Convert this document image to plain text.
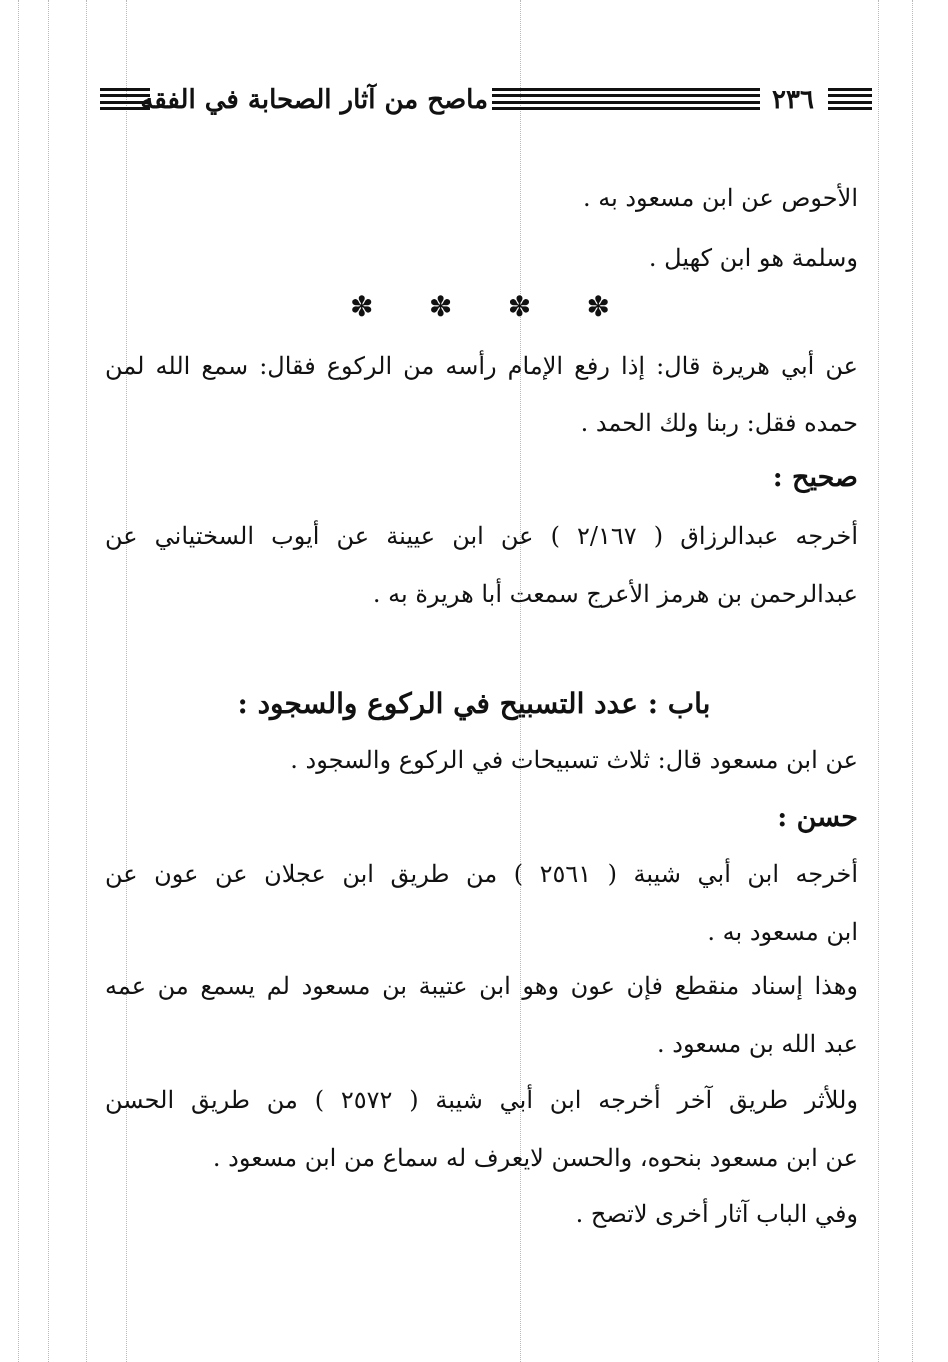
ماصح من آثار الصحابة في الفقه	٢٣٦
الأحوص عن ابن مسعود به .
وسلمة هو ابن كهيل .
✽ ✽ ✽ ✽
عن أبي هريرة قال: إذا رفع الإمام رأسه من الركوع فقال: سمع الله لمن
حمده فقل: ربنا ولك الحمد .
صحيح :
أخرجه عبدالرزاق ( ٢/١٦٧ ) عن ابن عيينة عن أيوب السختياني عن
عبدالرحمن بن هرمز الأعرج سمعت أبا هريرة به .
باب : عدد التسبيح في الركوع والسجود :
عن ابن مسعود قال: ثلاث تسبيحات في الركوع والسجود .
حسن :
أخرجه ابن أبي شيبة ( ٢٥٦١ ) من طريق ابن عجلان عن عون عن
ابن مسعود به .
وهذا إسناد منقطع فإن عون وهو ابن عتيبة بن مسعود لم يسمع من عمه
عبد الله بن مسعود .
وللأثر طريق آخر أخرجه ابن أبي شيبة ( ٢٥٧٢ ) من طريق الحسن
عن ابن مسعود بنحوه، والحسن لايعرف له سماع من ابن مسعود .
وفي الباب آثار أخرى لاتصح .
